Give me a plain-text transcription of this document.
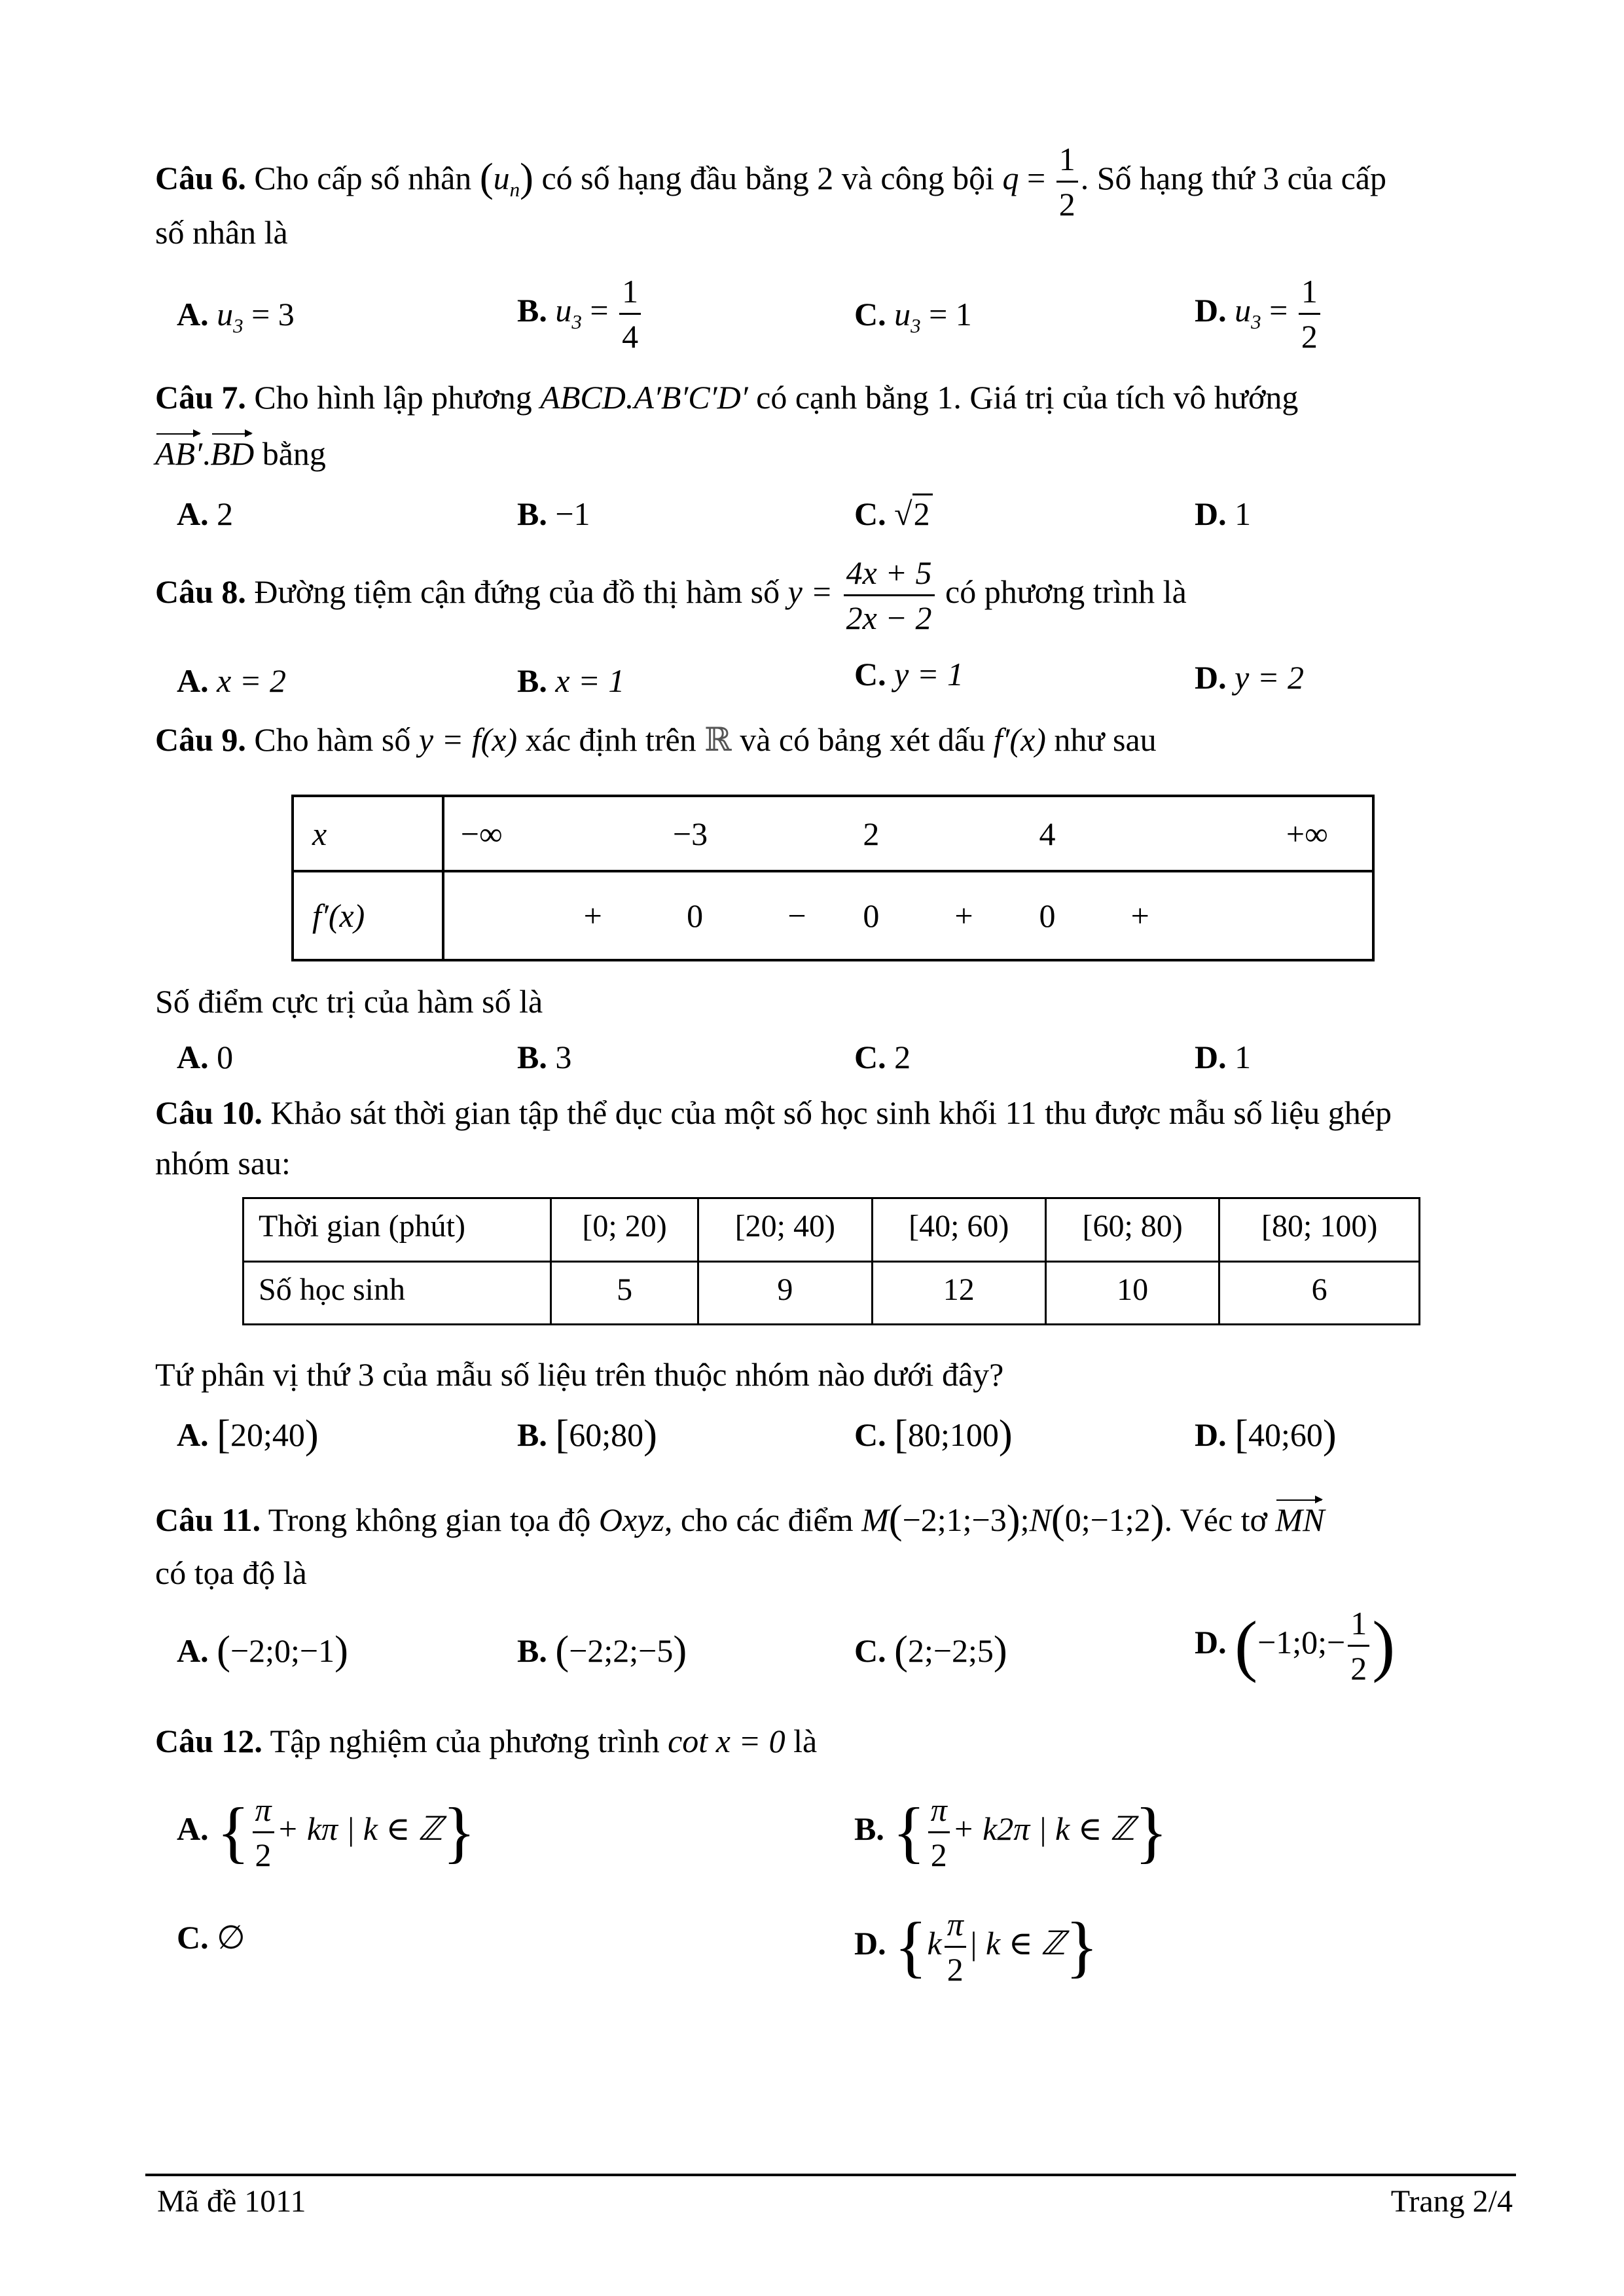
Câu 6. Cho cấp số nhân $(u_n)$ có số hạng đầu bằng 2 và công bội $q = \frac{1}{2}$ . Số hạng thứ 3 của cấp
số nhân là
A. $u_3 = 3$	B. $u_3 = \frac{1}{4}$	C. $u_3 = 1$	D. $u_3 = \frac{1}{2}$
Câu 7. Cho hình lập phương ABCD.A′B′C′D′ có cạnh bằng 1. Giá trị của tích vô hướng
AB′.BD bằng
A. 2	B. −1	C. √2	D. 1
Câu 8. Đường tiệm cận đứng của đồ thị hàm số $y = \frac{4x + 5}{2x - 2}$ có phương trình là
A. x = 2	B. x = 1	C. y = 1	D. y = 2
Câu 9. Cho hàm số y = f(x) xác định trên ℝ và có bảng xét dấu f′(x) như sau
x	−∞ −3 2 4 +∞

f′(x)	+	0	− 0 + 0 +
Số điểm cực trị của hàm số là
A. 0	B. 3	C. 2	D. 1
Câu 10. Khảo sát thời gian tập thể dục của một số học sinh khối 11 thu được mẫu số liệu ghép
nhóm sau:
Thời gian (phút)	[0; 20)	[20; 40)	[40; 60)	[60; 80)	[80; 100)
Số học sinh	5	9	12	10	6
Tứ phân vị thứ 3 của mẫu số liệu trên thuộc nhóm nào dưới đây?
A. [20;40)	B. [60;80)	C. [80;100)	D. [40;60)
Câu 11. Trong không gian tọa độ Oxyz, cho các điểm M(−2;1;−3);N(0;−1;2). Véc tơ MN
có tọa độ là
A. (−2;0;−1)	B. (−2;2;−5)	C. (2;−2;5)	D. (−1;0;− $\frac{1}{2}$ )
Câu 12. Tập nghiệm của phương trình cot x = 0 là
A. { $\frac{\pi}{2} + k\pi$ | k ∈ ℤ}	B. { $\frac{\pi}{2} + k2\pi$ | k ∈ ℤ}
C. ∅	D. {$k \frac{\pi}{2}$ | k ∈ ℤ}
Mã đề 1011	Trang 2/4
